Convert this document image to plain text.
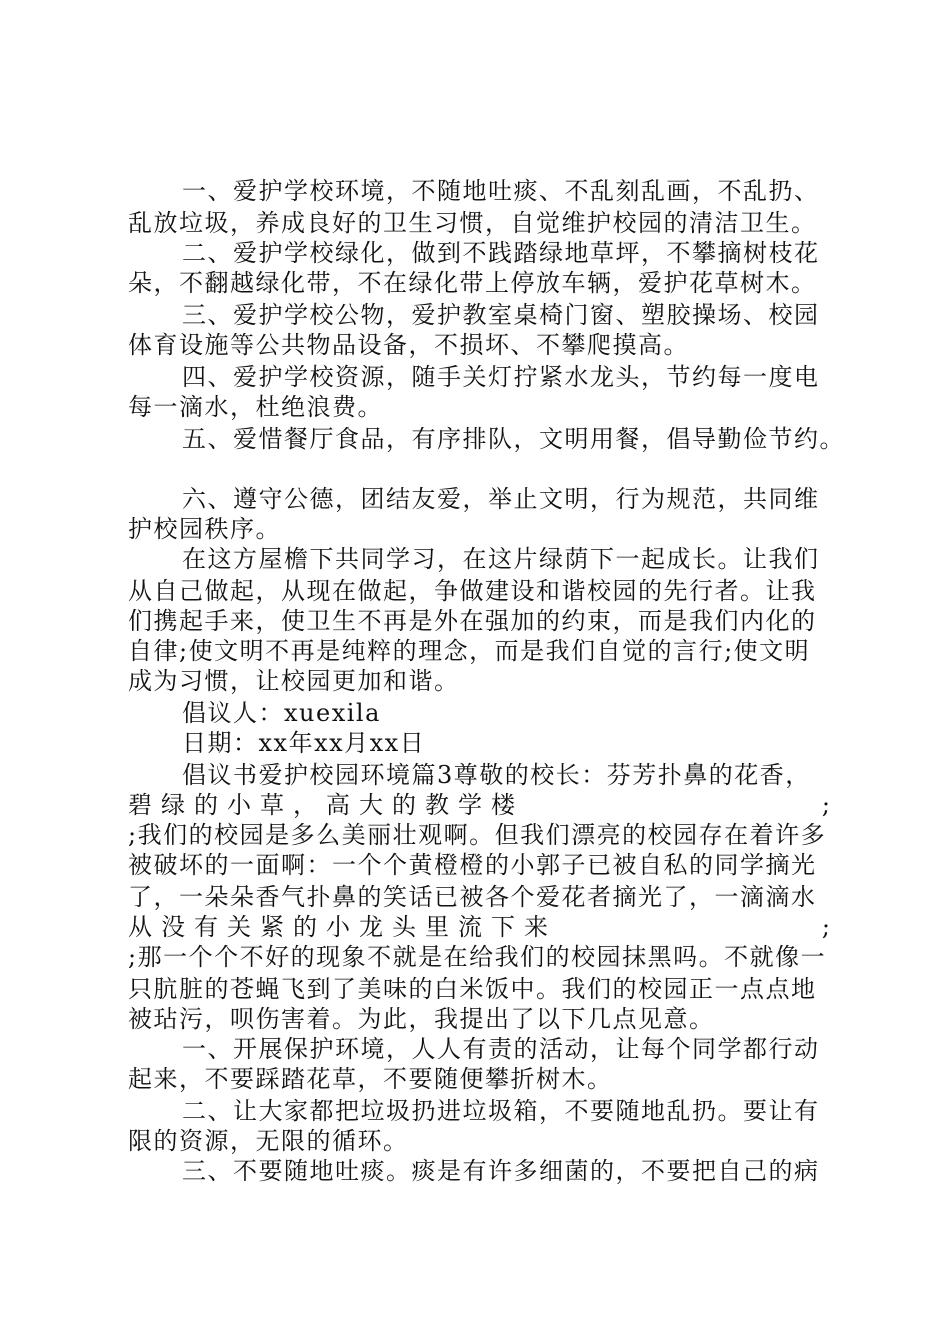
一、爱护学校环境，不随地吐痰、不乱刻乱画，不乱扔、
乱放垃圾，养成良好的卫生习惯，自觉维护校园的清洁卫生。
二、爱护学校绿化，做到不践踏绿地草坪，不攀摘树枝花
朵，不翻越绿化带，不在绿化带上停放车辆，爱护花草树木。
三、爱护学校公物，爱护教室桌椅门窗、塑胶操场、校园
体育设施等公共物品设备，不损坏、不攀爬摸高。
四、爱护学校资源，随手关灯拧紧水龙头，节约每一度电
每一滴水，杜绝浪费。
五、爱惜餐厅食品，有序排队，文明用餐，倡导勤俭节约。
六、遵守公德，团结友爱，举止文明，行为规范，共同维
护校园秩序。
在这方屋檐下共同学习，在这片绿荫下一起成长。让我们
从自己做起，从现在做起，争做建设和谐校园的先行者。让我
们携起手来，使卫生不再是外在强加的约束，而是我们内化的
自律;使文明不再是纯粹的理念，而是我们自觉的言行;使文明
成为习惯，让校园更加和谐。
倡议人：xuexila
日期：xx年xx月xx日
倡议书爱护校园环境篇3尊敬的校长：芬芳扑鼻的花香，
碧绿的小草，高大的教学楼	;
;我们的校园是多么美丽壮观啊。但我们漂亮的校园存在着许多
被破坏的一面啊：一个个黄橙橙的小郭子已被自私的同学摘光
了，一朵朵香气扑鼻的笑话已被各个爱花者摘光了，一滴滴水
从没有关紧的小龙头里流下来	;
;那一个个不好的现象不就是在给我们的校园抹黑吗。不就像一
只肮脏的苍蝇飞到了美味的白米饭中。我们的校园正一点点地
被玷污，呗伤害着。为此，我提出了以下几点见意。
一、开展保护环境，人人有责的活动，让每个同学都行动
起来，不要踩踏花草，不要随便攀折树木。
二、让大家都把垃圾扔进垃圾箱，不要随地乱扔。要让有
限的资源，无限的循环。
三、不要随地吐痰。痰是有许多细菌的，不要把自己的病
